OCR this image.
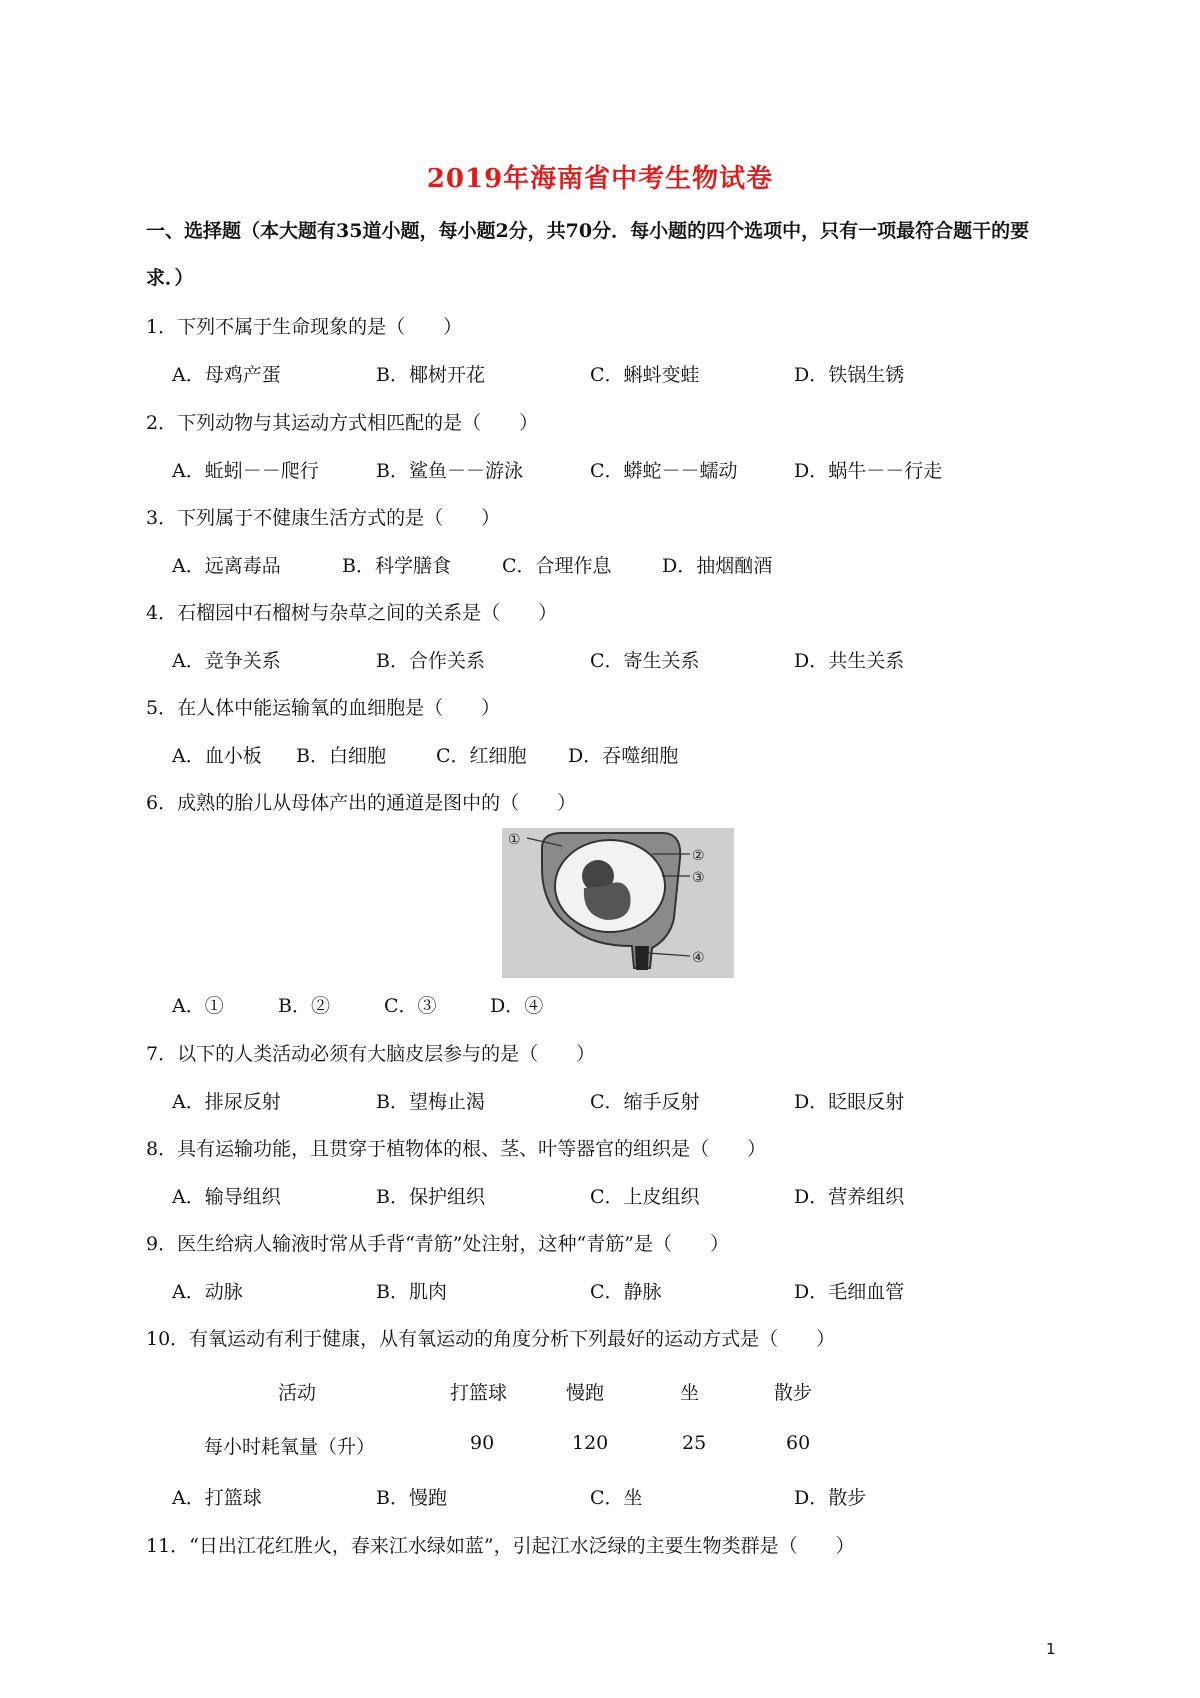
2019年海南省中考生物试卷
一、选择题（本大题有35道小题，每小题2分，共70分．每小题的四个选项中，只有一项最符合题干的要求．）
1．下列不属于生命现象的是（　　）
A．母鸡产蛋	B．椰树开花	C．蝌蚪变蛙	D．铁锅生锈
2．下列动物与其运动方式相匹配的是（　　）
A．蚯蚓－－爬行	B．鲨鱼－－游泳	C．蟒蛇－－蠕动	D．蜗牛－－行走
3．下列属于不健康生活方式的是（　　）
A．远离毒品	B．科学膳食	C．合理作息	D．抽烟酗酒
4．石榴园中石榴树与杂草之间的关系是（　　）
A．竞争关系	B．合作关系	C．寄生关系	D．共生关系
5．在人体中能运输氧的血细胞是（　　）
A．血小板 B．白细胞	C．红细胞 D．吞噬细胞
6．成熟的胎儿从母体产出的通道是图中的（　　）
①
②
③
④
A．①	B．②	C．③	D．④
7．以下的人类活动必须有大脑皮层参与的是（　　）
A．排尿反射	B．望梅止渴	C．缩手反射	D．眨眼反射
8．具有运输功能，且贯穿于植物体的根、茎、叶等器官的组织是（　　）
A．输导组织	B．保护组织	C．上皮组织	D．营养组织
9．医生给病人输液时常从手背“青筋”处注射，这种“青筋”是（　　）
A．动脉	B．肌肉	C．静脉	D．毛细血管
10．有氧运动有利于健康，从有氧运动的角度分析下列最好的运动方式是（　　）
活动	打篮球	慢跑	坐	散步
每小时耗氧量（升）	90	120	25	60
A．打篮球	B．慢跑	C．坐	D．散步
11．“日出江花红胜火，春来江水绿如蓝”，引起江水泛绿的主要生物类群是（　　）
1
